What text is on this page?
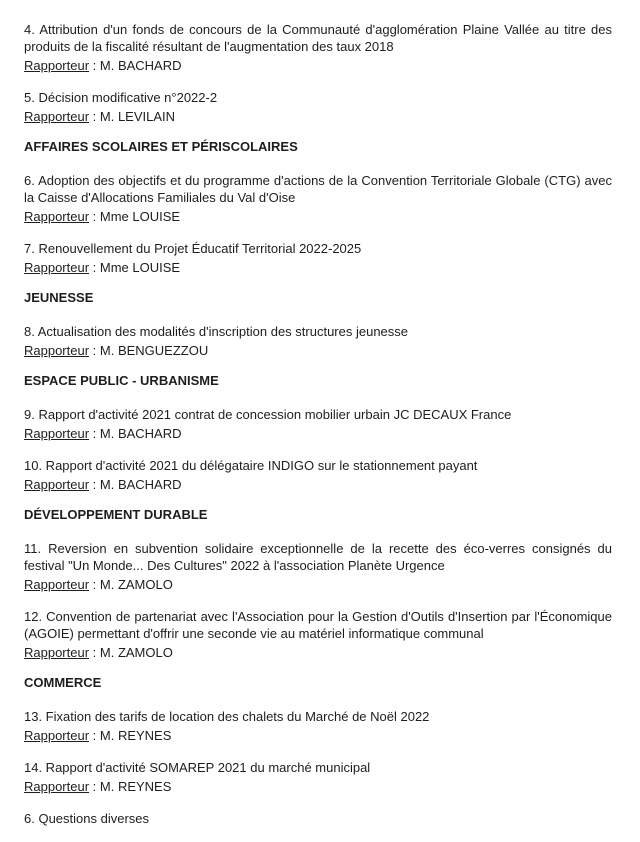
4. Attribution d'un fonds de concours de la Communauté d'agglomération Plaine Vallée au titre des produits de la fiscalité résultant de l'augmentation des taux 2018

Rapporteur : M. BACHARD

5. Décision modificative n°2022-2

Rapporteur : M. LEVILAIN

AFFAIRES SCOLAIRES ET PÉRISCOLAIRES

6. Adoption des objectifs et du programme d'actions de la Convention Territoriale Globale (CTG) avec la Caisse d'Allocations Familiales du Val d'Oise

Rapporteur : Mme LOUISE

7. Renouvellement du Projet Éducatif Territorial 2022-2025

Rapporteur : Mme LOUISE

JEUNESSE

8. Actualisation des modalités d'inscription des structures jeunesse

Rapporteur : M. BENGUEZZOU

ESPACE PUBLIC - URBANISME

9. Rapport d'activité 2021 contrat de concession mobilier urbain JC DECAUX France

Rapporteur : M. BACHARD

10. Rapport d'activité 2021 du délégataire INDIGO sur le stationnement payant

Rapporteur : M. BACHARD

DÉVELOPPEMENT DURABLE

11. Reversion en subvention solidaire exceptionnelle de la recette des éco-verres consignés du festival "Un Monde... Des Cultures" 2022 à l'association Planète Urgence

Rapporteur : M. ZAMOLO

12. Convention de partenariat avec l'Association pour la Gestion d'Outils d'Insertion par l'Économique (AGOIE) permettant d'offrir une seconde vie au matériel informatique communal

Rapporteur : M. ZAMOLO

COMMERCE

13. Fixation des tarifs de location des chalets du Marché de Noël 2022

Rapporteur : M. REYNES

14. Rapport d'activité SOMAREP 2021 du marché municipal

Rapporteur : M. REYNES

6. Questions diverses
